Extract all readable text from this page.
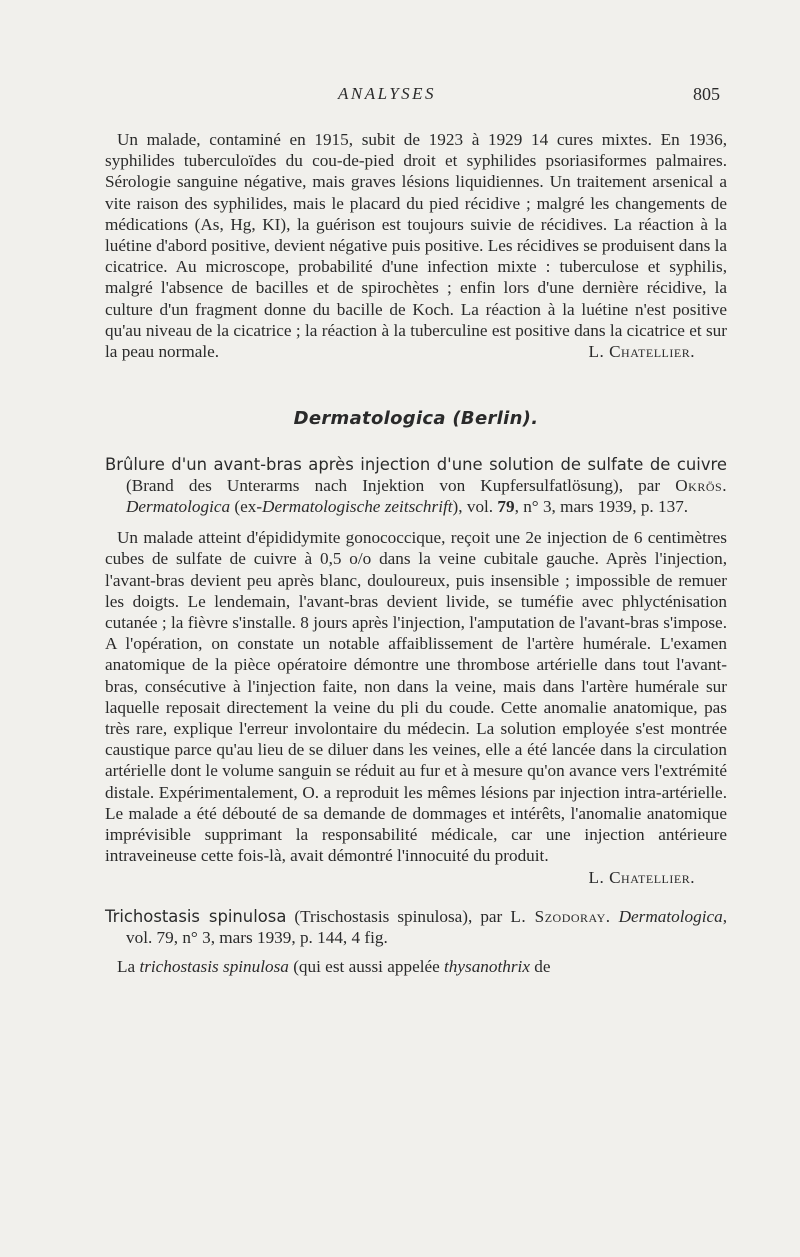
ANALYSES	805

Un malade, contaminé en 1915, subit de 1923 à 1929 14 cures mixtes. En 1936, syphilides tuberculoïdes du cou-de-pied droit et syphilides psoriasiformes palmaires. Sérologie sanguine négative, mais graves lésions liquidiennes. Un traitement arsenical a vite raison des syphilides, mais le placard du pied récidive ; malgré les changements de médications (As, Hg, KI), la guérison est toujours suivie de récidives. La réaction à la luétine d'abord positive, devient négative puis positive. Les récidives se produisent dans la cicatrice. Au microscope, probabilité d'une infection mixte : tuberculose et syphilis, malgré l'absence de bacilles et de spirochètes ; enfin lors d'une dernière récidive, la culture d'un fragment donne du bacille de Koch. La réaction à la luétine n'est positive qu'au niveau de la cicatrice ; la réaction à la tuberculine est positive dans la cicatrice et sur la peau normale.	L. Chatellier.

Dermatologica (Berlin).

Brûlure d'un avant-bras après injection d'une solution de sulfate de cuivre (Brand des Unterarms nach Injektion von Kupfersulfatlösung), par Okrös. Dermatologica (ex-Dermatologische zeitschrift), vol. 79, n° 3, mars 1939, p. 137.

Un malade atteint d'épididymite gonococcique, reçoit une 2e injection de 6 centimètres cubes de sulfate de cuivre à 0,5 o/o dans la veine cubitale gauche. Après l'injection, l'avant-bras devient peu après blanc, douloureux, puis insensible ; impossible de remuer les doigts. Le lendemain, l'avant-bras devient livide, se tuméfie avec phlycténisation cutanée ; la fièvre s'installe. 8 jours après l'injection, l'amputation de l'avant-bras s'impose. A l'opération, on constate un notable affaiblissement de l'artère humérale. L'examen anatomique de la pièce opératoire démontre une thrombose artérielle dans tout l'avant-bras, consécutive à l'injection faite, non dans la veine, mais dans l'artère humérale sur laquelle reposait directement la veine du pli du coude. Cette anomalie anatomique, pas très rare, explique l'erreur involontaire du médecin. La solution employée s'est montrée caustique parce qu'au lieu de se diluer dans les veines, elle a été lancée dans la circulation artérielle dont le volume sanguin se réduit au fur et à mesure qu'on avance vers l'extrémité distale. Expérimentalement, O. a reproduit les mêmes lésions par injection intra-artérielle. Le malade a été débouté de sa demande de dommages et intérêts, l'anomalie anatomique imprévisible supprimant la responsabilité médicale, car une injection antérieure intraveineuse cette fois-là, avait démontré l'innocuité du produit.

L. Chatellier.

Trichostasis spinulosa (Trischostasis spinulosa), par L. Szodoray. Dermatologica, vol. 79, n° 3, mars 1939, p. 144, 4 fig.

La trichostasis spinulosa (qui est aussi appelée thysanothrix de
